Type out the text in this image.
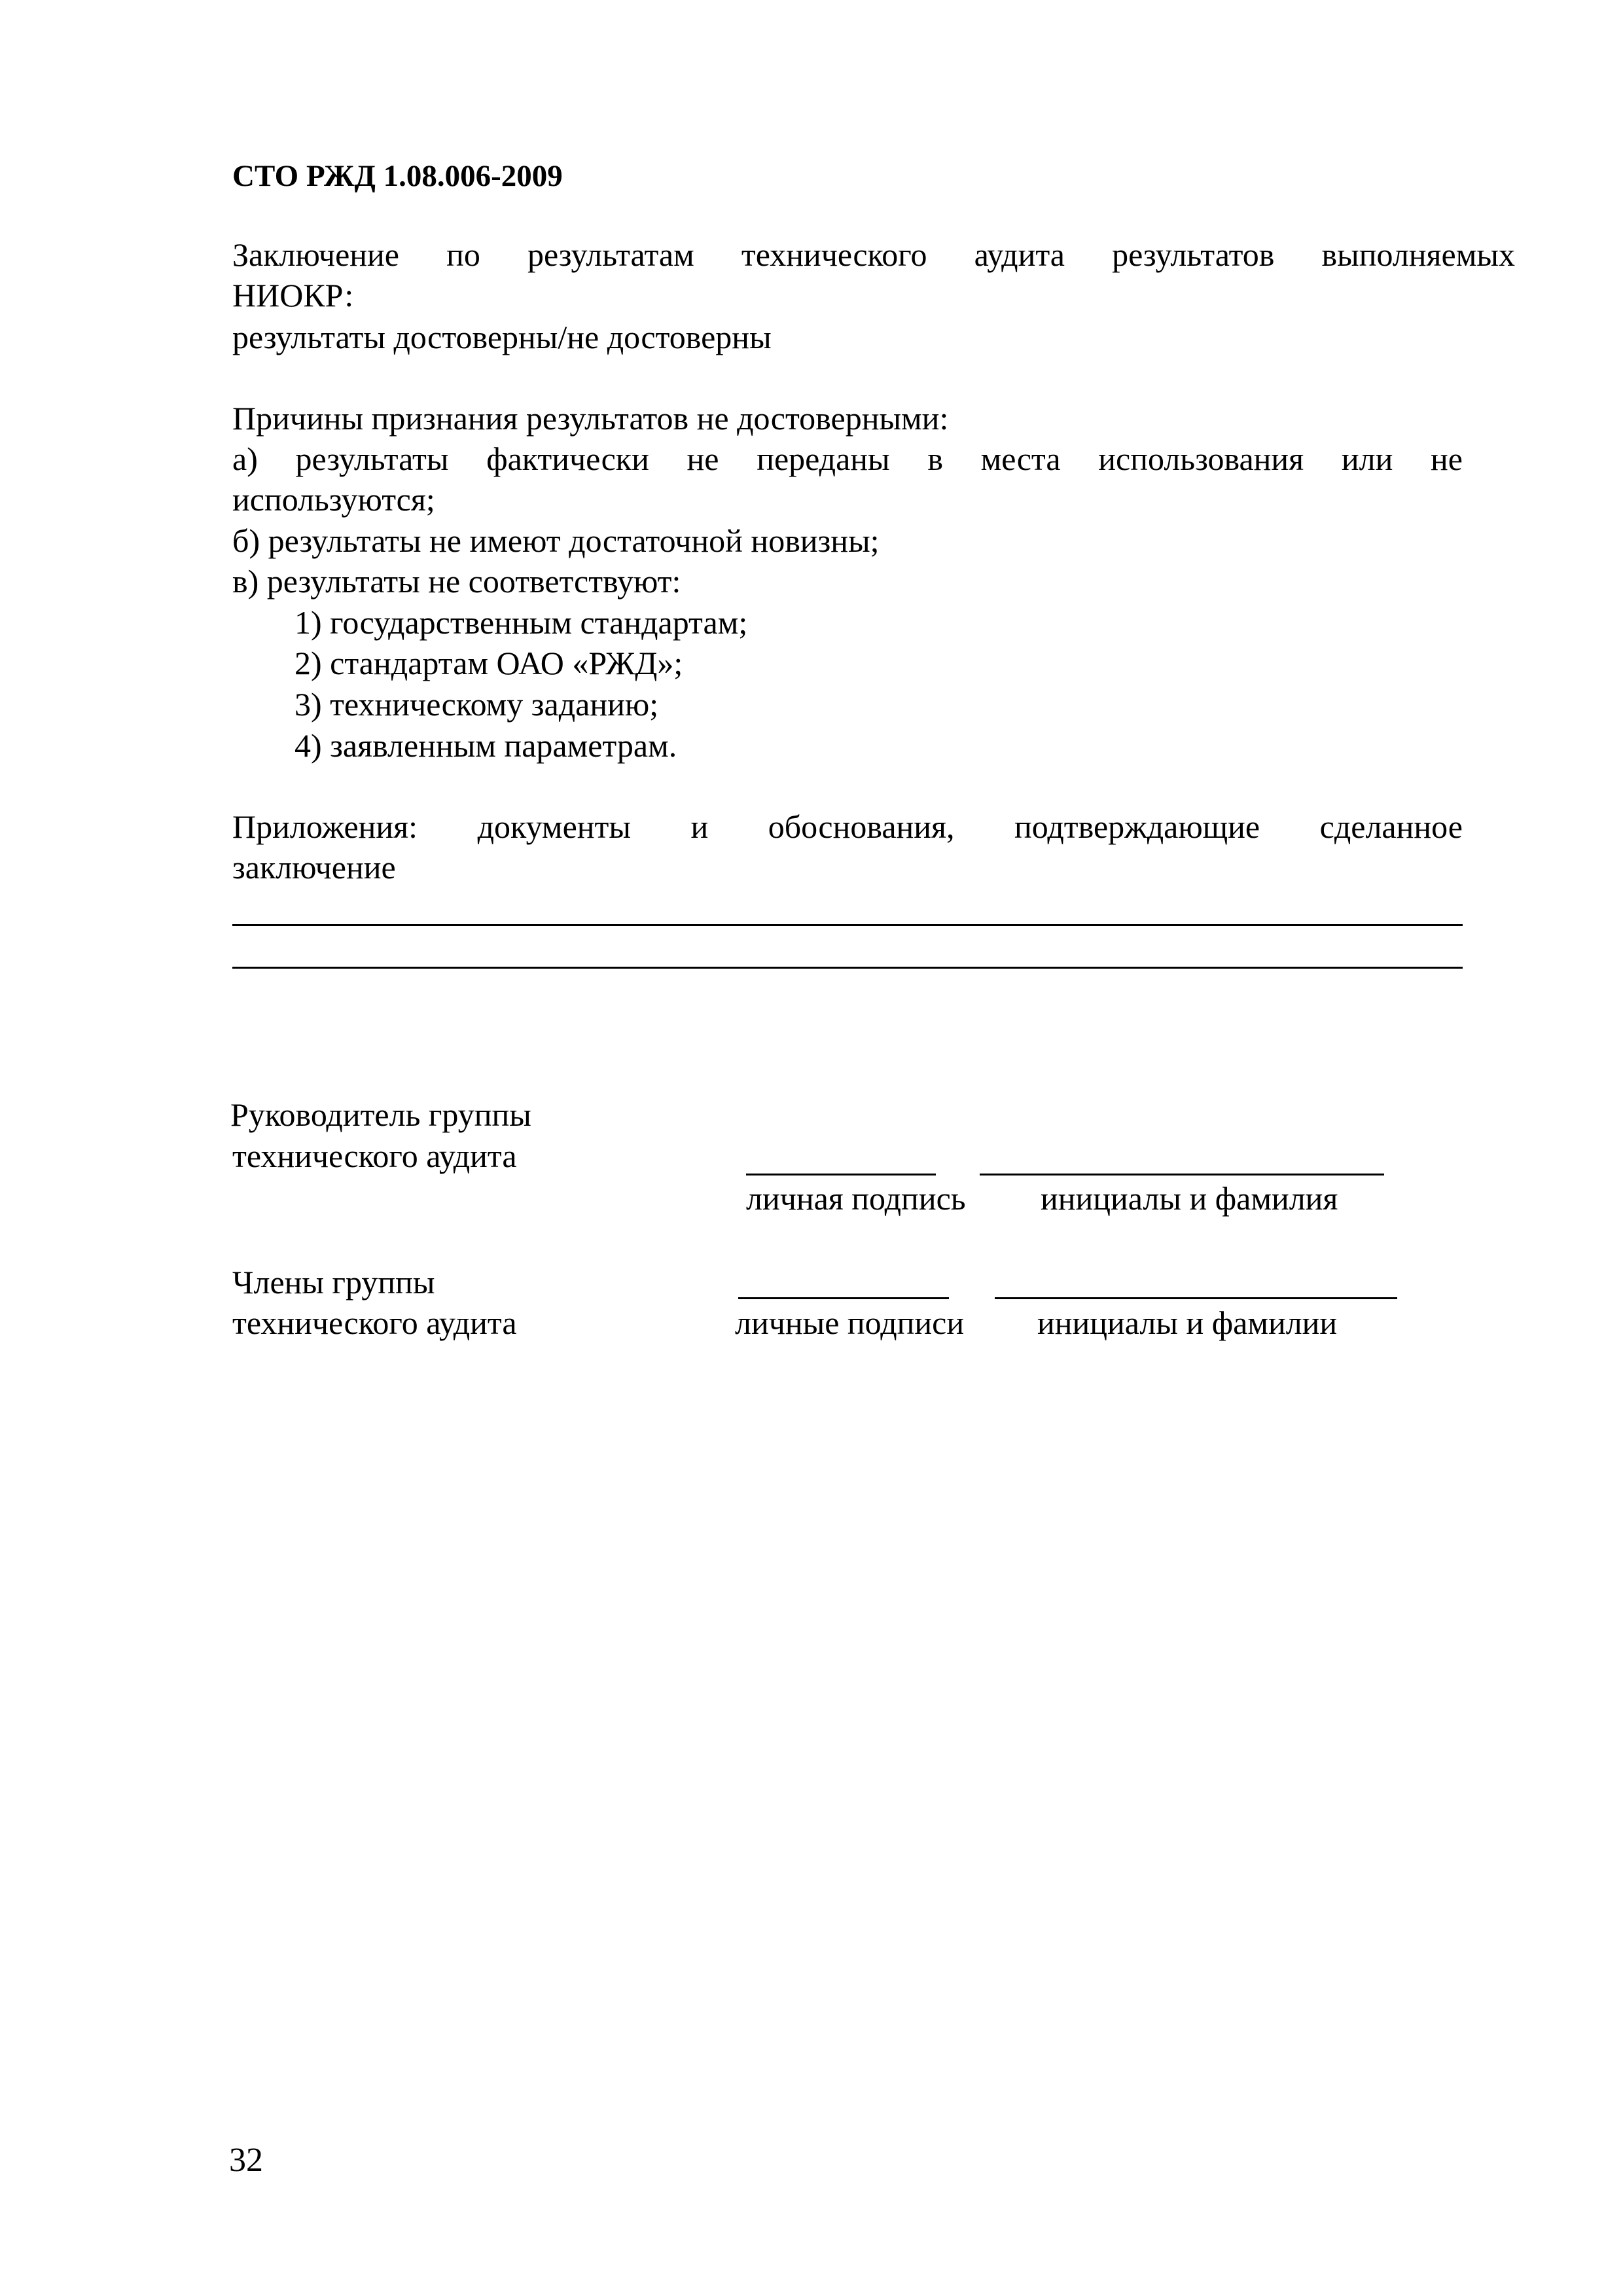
СТО РЖД 1.08.006-2009
Заключение по результатам технического аудита результатов выполняемых
НИОКР:
результаты достоверны/не достоверны
Причины признания результатов не достоверными:
а) результаты фактически не переданы в места использования или не
используются;
б) результаты не имеют достаточной новизны;
в) результаты не соответствуют:
1) государственным стандартам;
2) стандартам ОАО «РЖД»;
3) техническому заданию;
4) заявленным параметрам.
Приложения: документы и обоснования, подтверждающие сделанное
заключение
Руководитель группы
технического аудита
личная подпись инициалы и фамилия
Члены группы
технического аудита	личные подписи инициалы и фамилии
32
